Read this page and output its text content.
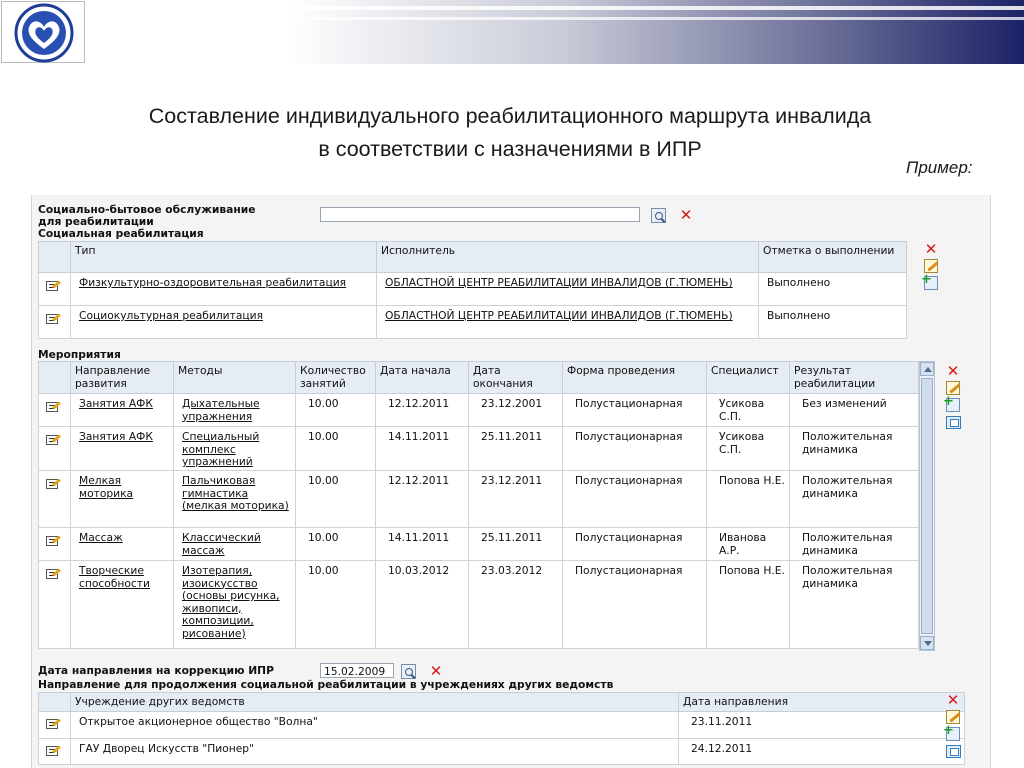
Составление индивидуального реабилитационного маршрута инвалида
в соответствии с назначениями в ИПР
Пример:
Социально-бытовое обслуживание
для реабилитации	✕
Социальная реабилитация
	Тип	Исполнитель	Отметка о выполнении

	Физкультурно-оздоровительная реабилитация	ОБЛАСТНОЙ ЦЕНТР РЕАБИЛИТАЦИИ ИНВАЛИДОВ (Г.ТЮМЕНЬ)	Выполнено

	Социокультурная реабилитация	ОБЛАСТНОЙ ЦЕНТР РЕАБИЛИТАЦИИ ИНВАЛИДОВ (Г.ТЮМЕНЬ)	Выполнено
✕
+
Мероприятия
	Направление развития	Методы	Количество занятий	Дата начала	Дата окончания	Форма проведения	Специалист	Результат реабилитации

	Занятия АФК	Дыхательные упражнения	10.00	12.12.2011	23.12.2001	Полустационарная	Усикова С.П.	Без изменений

	Занятия АФК	Специальный комплекс упражнений	10.00	14.11.2011	25.11.2011	Полустационарная	Усикова С.П.	Положительная динамика

	Мелкая моторика	Пальчиковая гимнастика (мелкая моторика)	10.00	12.12.2011	23.12.2011	Полустационарная	Попова Н.Е.	Положительная динамика

	Массаж	Классический массаж	10.00	14.11.2011	25.11.2011	Полустационарная	Иванова А.Р.	Положительная динамика

	Творческие способности	Изотерапия, изоискусство (основы рисунка, живописи, композиции, рисование)	10.00	10.03.2012	23.03.2012	Полустационарная	Попова Н.Е.	Положительная динамика
✕
+
Дата направления на коррекцию ИПР	15.02.2009	✕
Направление для продолжения социальной реабилитации в учреждениях других ведомств
	Учреждение других ведомств	Дата направления

	Открытое акционерное общество "Волна"	23.11.2011

	ГАУ Дворец Искусств "Пионер"	24.12.2011
✕
+
